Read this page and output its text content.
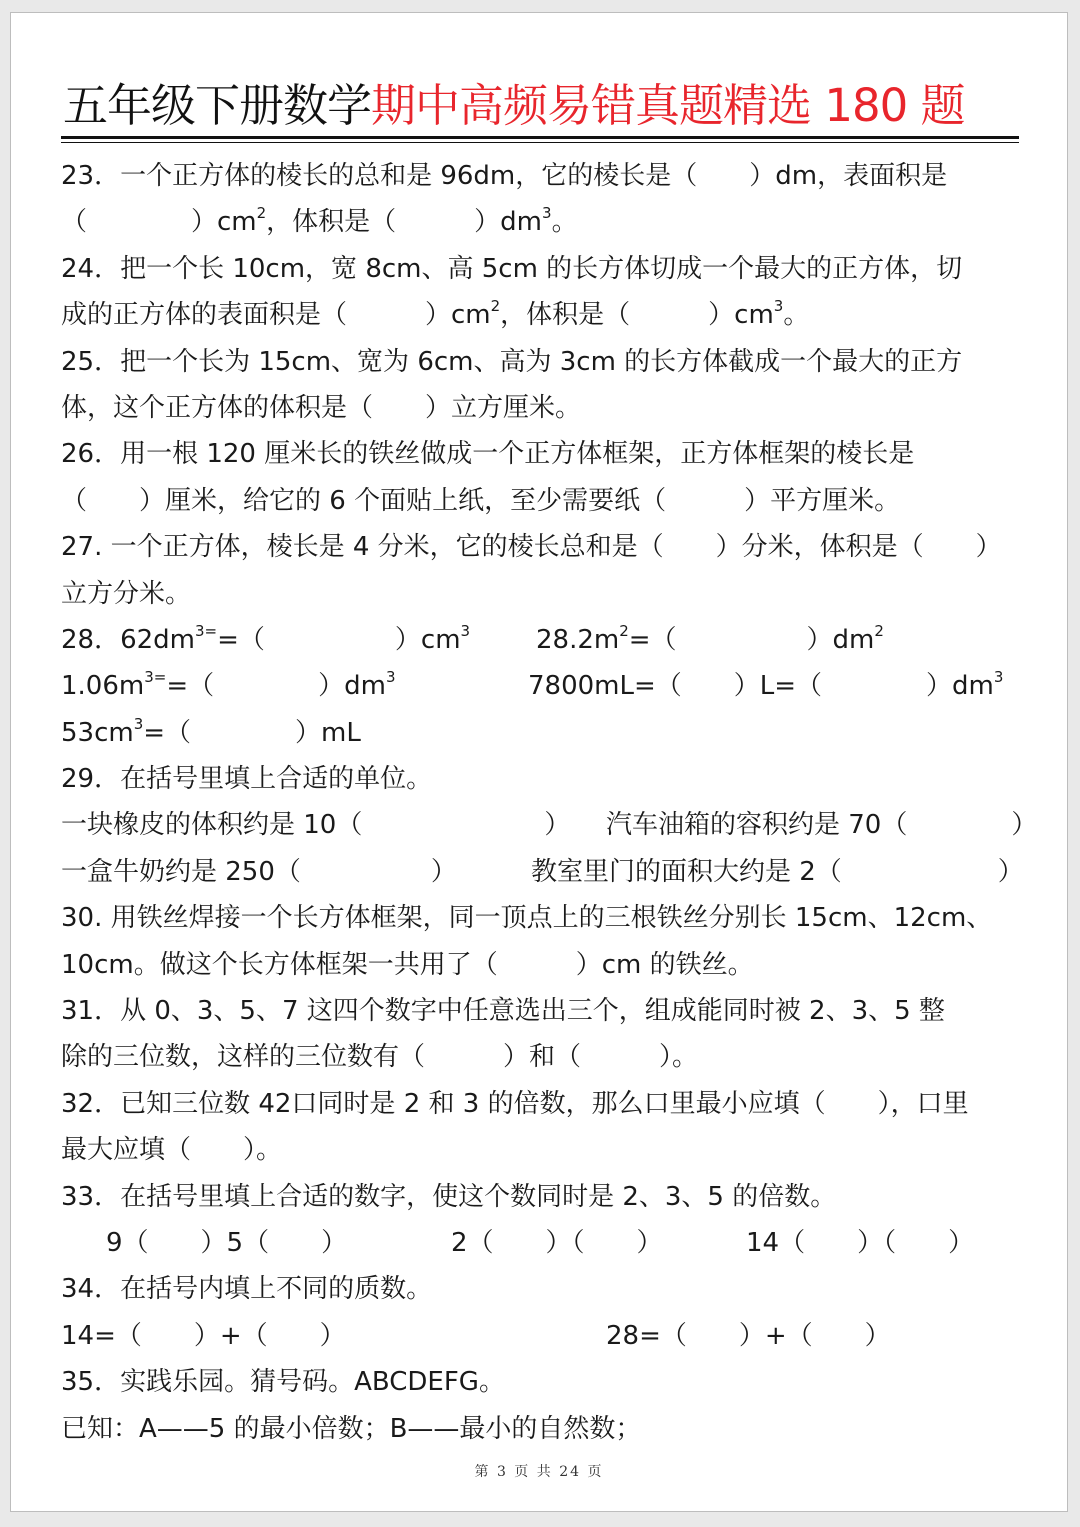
五年级下册数学期中高频易错真题精选 180 题
23．一个正方体的棱长的总和是 96dm，它的棱长是（　　）dm，表面积是
（　　　　）$cm^2$，体积是（　　　）$dm^3$。
24．把一个长 10cm，宽 8cm、高 5cm 的长方体切成一个最大的正方体，切
成的正方体的表面积是（　　　）$cm^2$，体积是（　　　）$cm^3$。
25．把一个长为 15cm、宽为 6cm、高为 3cm 的长方体截成一个最大的正方
体，这个正方体的体积是（　　）立方厘米。
26．用一根 120 厘米长的铁丝做成一个正方体框架，正方体框架的棱长是
（　　）厘米，给它的 6 个面贴上纸，至少需要纸（　　　）平方厘米。
27. 一个正方体，棱长是 4 分米，它的棱长总和是（　　）分米，体积是（　　）
立方分米。
28．$62dm^{3=}=$（　　　　　）$cm^3$	$28.2m^2=$（　　　　　）$dm^2$
$1.06m^{3=}=$（　　　　）$dm^3$	7800mL=（　　）L=（　　　　）$dm^3$
$53cm^3=$（　　　　）mL
29．在括号里填上合适的单位。
一块橡皮的体积约是 10（　　　　　　　） 汽车油箱的容积约是 70（　　　　）
一盒牛奶约是 250（　　　　　）	教室里门的面积大约是 2（　　　　　　）
30. 用铁丝焊接一个长方体框架，同一顶点上的三根铁丝分别长 15cm、12cm、
10cm。做这个长方体框架一共用了（　　　）cm 的铁丝。
31．从 0、3、5、7 这四个数字中任意选出三个，组成能同时被 2、3、5 整
除的三位数，这样的三位数有（　　　）和（　　　）。
32．已知三位数 42口同时是 2 和 3 的倍数，那么口里最小应填（　　），口里
最大应填（　　）。
33．在括号里填上合适的数字，使这个数同时是 2、3、5 的倍数。
9（　　）5（　　）	2（　　）（　　）	14（　　）（　　）
34．在括号内填上不同的质数。
14=（　　）+（　　）	28=（　　）+（　　）
35．实践乐园。猜号码。ABCDEFG。
已知：A——5 的最小倍数；B——最小的自然数；
第 3 页 共 24 页
